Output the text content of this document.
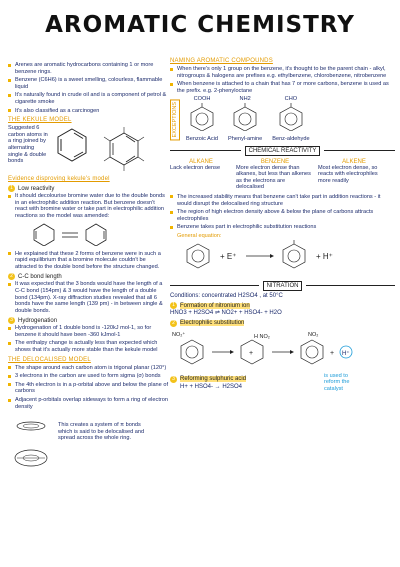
AROMATIC CHEMISTRY
Arenes are aromatic hydrocarbons containing 1 or more benzene rings.
Benzene (C6H6) is a sweet smelling, colourless, flammable liquid
It's naturally found in crude oil and is a component of petrol & cigarette smoke
It's also classified as a carcinogen
THE KEKULE MODEL
Suggested 6 carbon atoms in a ring joined by alternating single & double bonds
Evidence disproving kekule's model
1 Low reactivity
It should decolourise bromine water due to the double bonds in an electrophilic addition reaction. But benzene doesn't react with bromine water or take part in electrophilic addition reactions so the model was amended:
He explained that these 2 forms of benzene were in such a rapid equilibrium that a bromine molecule couldn't be attracted to the double bond before the structure changed.
2 C-C bond length
It was expected that the 3 bonds would have the length of a C-C bond (154pm) & 3 would have the length of a double bond (134pm). X-ray diffraction studies revealed that all 6 bonds have the same length (139 pm) - in between single & double bonds.
3 Hydrogenation
Hydrogenation of 1 double bond is -120kJ mol-1, so for benzene it should have been -360 kJmol-1
The enthalpy change is actually less than expected which shows that it's actually more stable than the kekule model
THE DELOCALISED MODEL
The shape around each carbon atom is trigonal planar (120°)
3 electrons in the carbon are used to form sigma (σ) bonds
The 4th electron is in a p-orbital above and below the plane of carbons
Adjacent p-orbitals overlap sideways to form a ring of electron density
This creates a system of π bonds which is said to be delocalised and spread across the whole ring.
NAMING AROMATIC COMPOUNDS
When there's only 1 group on the benzene, it's thought to be the parent chain - alkyl, nitrogroups & halogens are prefixes e.g. ethylbenzene, chlorobenzene, nitrobenzene
When benzene is attached to a chain that has 7 or more carbons, benzene is used as the prefix. e.g. 2-phenyloctane
EXCEPTIONS
COOH
Benzoic Acid
NH2
Phenyl-amine
CHO
Benz-aldehyde
CHEMICAL REACTIVITY
ALKANE
Lack electron dense
BENZENE
More electron dense than alkanes, but less than alkenes as the electrons are delocalised
ALKENE
Most electron dense, so reacts with electrophiles more readily
The increased stability means that benzene can't take part in addition reactions - it would disrupt the delocalised ring structure
The region of high electron density above & below the plane of carbons attracts electrophiles
Benzene takes part in electrophilic substitution reactions
General equation:
+ E⁺	+ H⁺
NITRATION
Conditions: concentrated H2SO4 , at 50°C
1 Formation of nitronium ion
HNO3 + H2SO4 ⇌ NO2+ + HSO4- + H2O
2 Electrophilic substitution
NO₂⁺	H NO₂
+
NO₂
+ H⁺
3 Reforming sulphuric acid
H+ + HSO4- → H2SO4
is used to reform the catalyst
